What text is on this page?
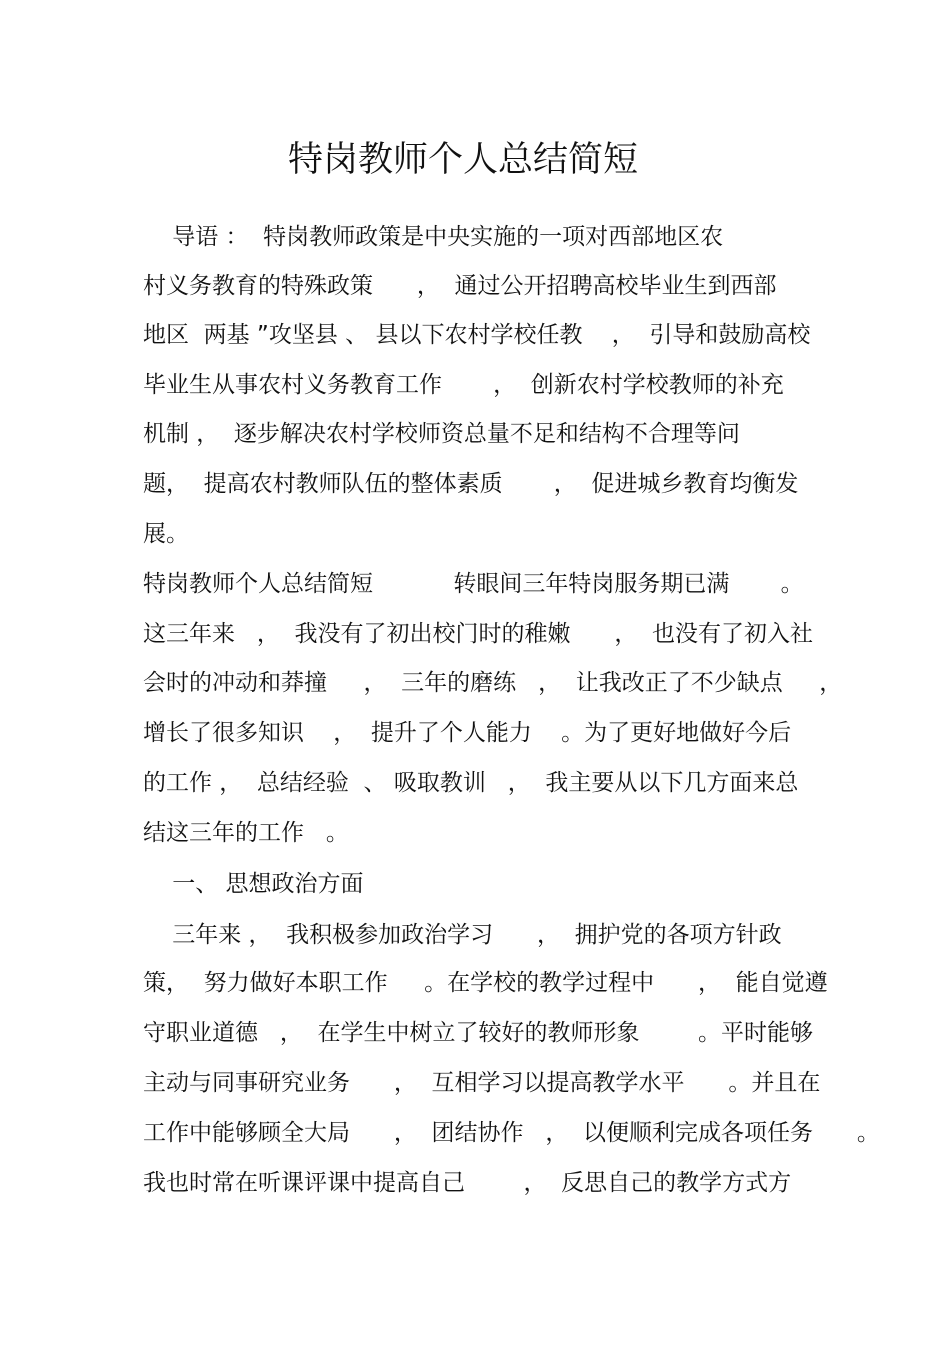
特岗教师个人总结简短
导语 ：  特岗教师政策是中央实施的一项对西部地区农
村义务教育的特殊政策      ，  通过公开招聘高校毕业生到西部
地区  两基 ”攻坚县 、 县以下农村学校任教    ，  引导和鼓励高校
毕业生从事农村义务教育工作       ，  创新农村学校教师的补充
机制 ，  逐步解决农村学校师资总量不足和结构不合理等问
题，  提高农村教师队伍的整体素质       ，  促进城乡教育均衡发
展。
特岗教师个人总结简短           转眼间三年特岗服务期已满       。
这三年来   ，  我没有了初出校门时的稚嫩      ，  也没有了初入社
会时的冲动和莽撞     ，  三年的磨练   ，  让我改正了不少缺点     ，
增长了很多知识    ，  提升了个人能力    。为了更好地做好今后
的工作 ，  总结经验  、 吸取教训   ，  我主要从以下几方面来总
结这三年的工作   。
一、 思想政治方面
三年来 ，  我积极参加政治学习      ，  拥护党的各项方针政
策，  努力做好本职工作     。在学校的教学过程中      ，  能自觉遵
守职业道德   ，  在学生中树立了较好的教师形象        。平时能够
主动与同事研究业务      ，  互相学习以提高教学水平      。并且在
工作中能够顾全大局      ，  团结协作   ，  以便顺利完成各项任务      。
我也时常在听课评课中提高自己        ，  反思自己的教学方式方
